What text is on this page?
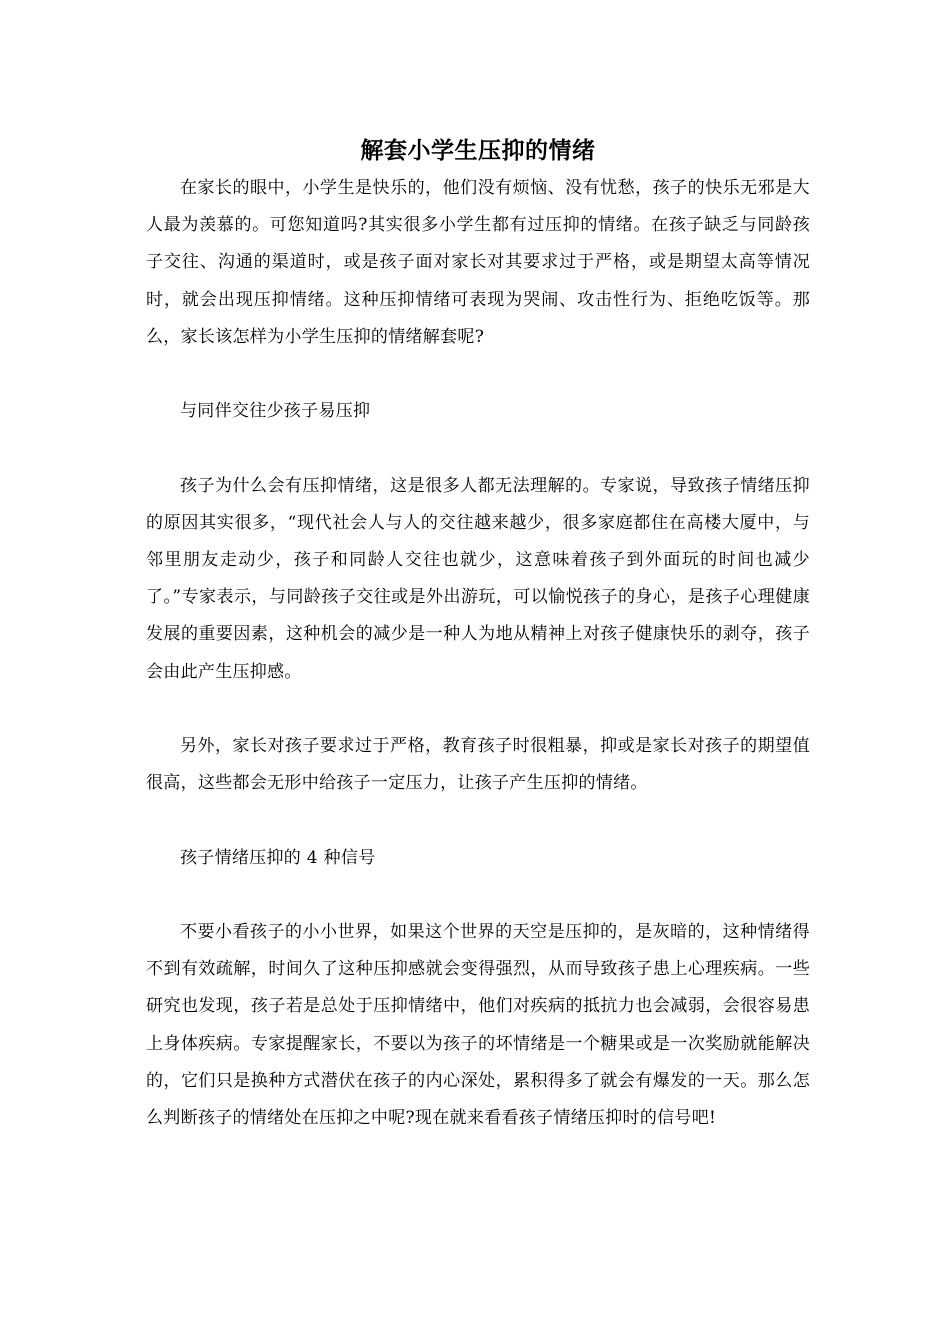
解套小学生压抑的情绪

在家长的眼中，小学生是快乐的，他们没有烦恼、没有忧愁，孩子的快乐无邪是大人最为羡慕的。可您知道吗?其实很多小学生都有过压抑的情绪。在孩子缺乏与同龄孩子交往、沟通的渠道时，或是孩子面对家长对其要求过于严格，或是期望太高等情况时，就会出现压抑情绪。这种压抑情绪可表现为哭闹、攻击性行为、拒绝吃饭等。那么，家长该怎样为小学生压抑的情绪解套呢?

与同伴交往少孩子易压抑

孩子为什么会有压抑情绪，这是很多人都无法理解的。专家说，导致孩子情绪压抑的原因其实很多，“现代社会人与人的交往越来越少，很多家庭都住在高楼大厦中，与邻里朋友走动少，孩子和同龄人交往也就少，这意味着孩子到外面玩的时间也减少了。”专家表示，与同龄孩子交往或是外出游玩，可以愉悦孩子的身心，是孩子心理健康发展的重要因素，这种机会的减少是一种人为地从精神上对孩子健康快乐的剥夺，孩子会由此产生压抑感。

另外，家长对孩子要求过于严格，教育孩子时很粗暴，抑或是家长对孩子的期望值很高，这些都会无形中给孩子一定压力，让孩子产生压抑的情绪。

孩子情绪压抑的 4 种信号

不要小看孩子的小小世界，如果这个世界的天空是压抑的，是灰暗的，这种情绪得不到有效疏解，时间久了这种压抑感就会变得强烈，从而导致孩子患上心理疾病。一些研究也发现，孩子若是总处于压抑情绪中，他们对疾病的抵抗力也会减弱，会很容易患上身体疾病。专家提醒家长，不要以为孩子的坏情绪是一个糖果或是一次奖励就能解决的，它们只是换种方式潜伏在孩子的内心深处，累积得多了就会有爆发的一天。那么怎么判断孩子的情绪处在压抑之中呢?现在就来看看孩子情绪压抑时的信号吧!
